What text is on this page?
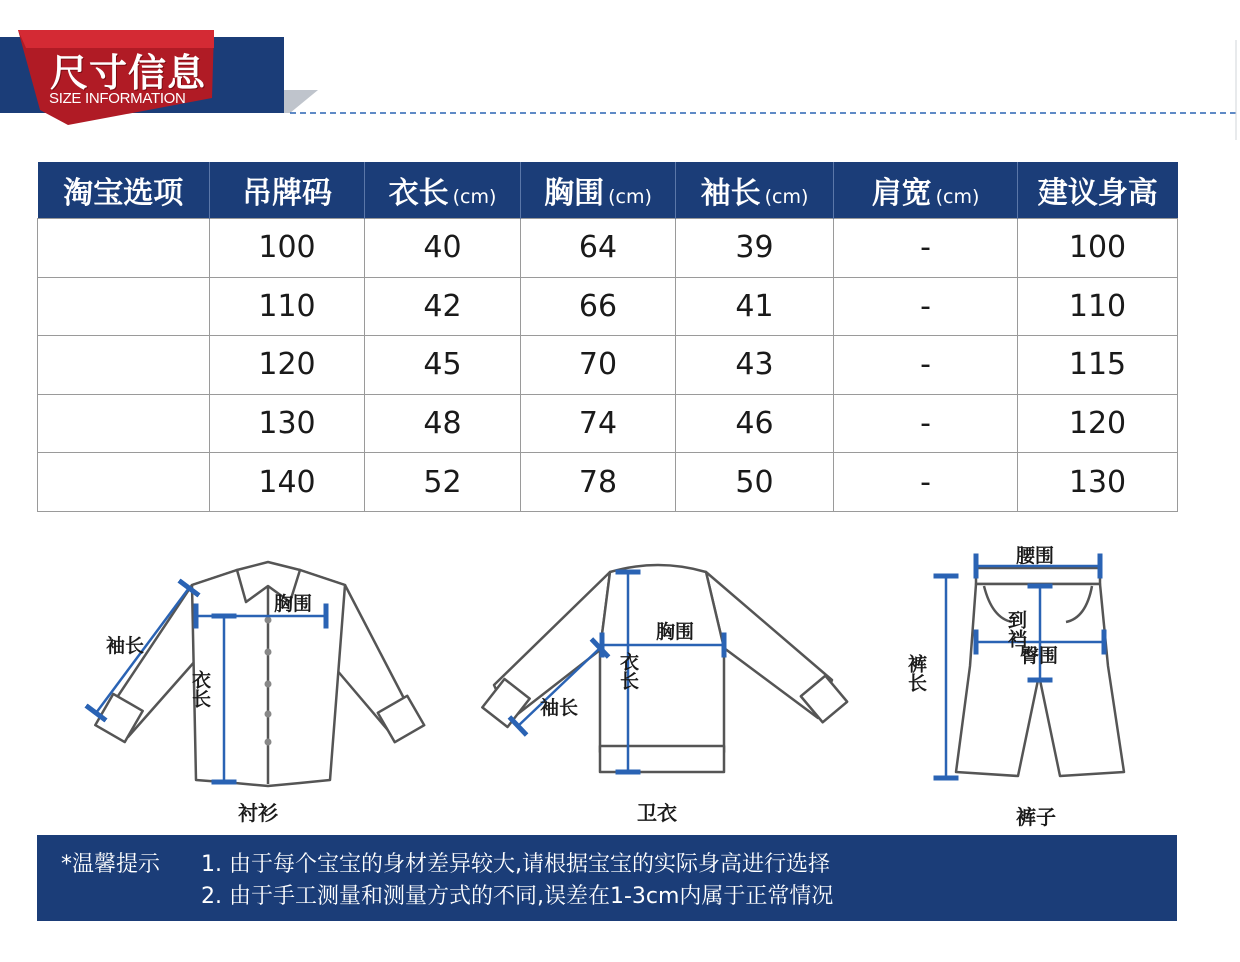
尺寸信息
SIZE INFORMATION
淘宝选项	吊牌码	衣长 (cm)	胸围 (cm)	袖长 (cm)	肩宽 (cm)	建议身高
	100	40	64	39	-	100
	110	42	66	41	-	110
	120	45	70	43	-	115
	130	48	74	46	-	120
	140	52	78	50	-	130
胸围
袖长
衣长
衬衫
胸围
袖长
衣长
卫衣
腰围
到裆
臀围
裤长
裤子
*温馨提示 1. 由于每个宝宝的身材差异较大,请根据宝宝的实际身高进行选择
2. 由于手工测量和测量方式的不同,误差在1-3cm内属于正常情况
